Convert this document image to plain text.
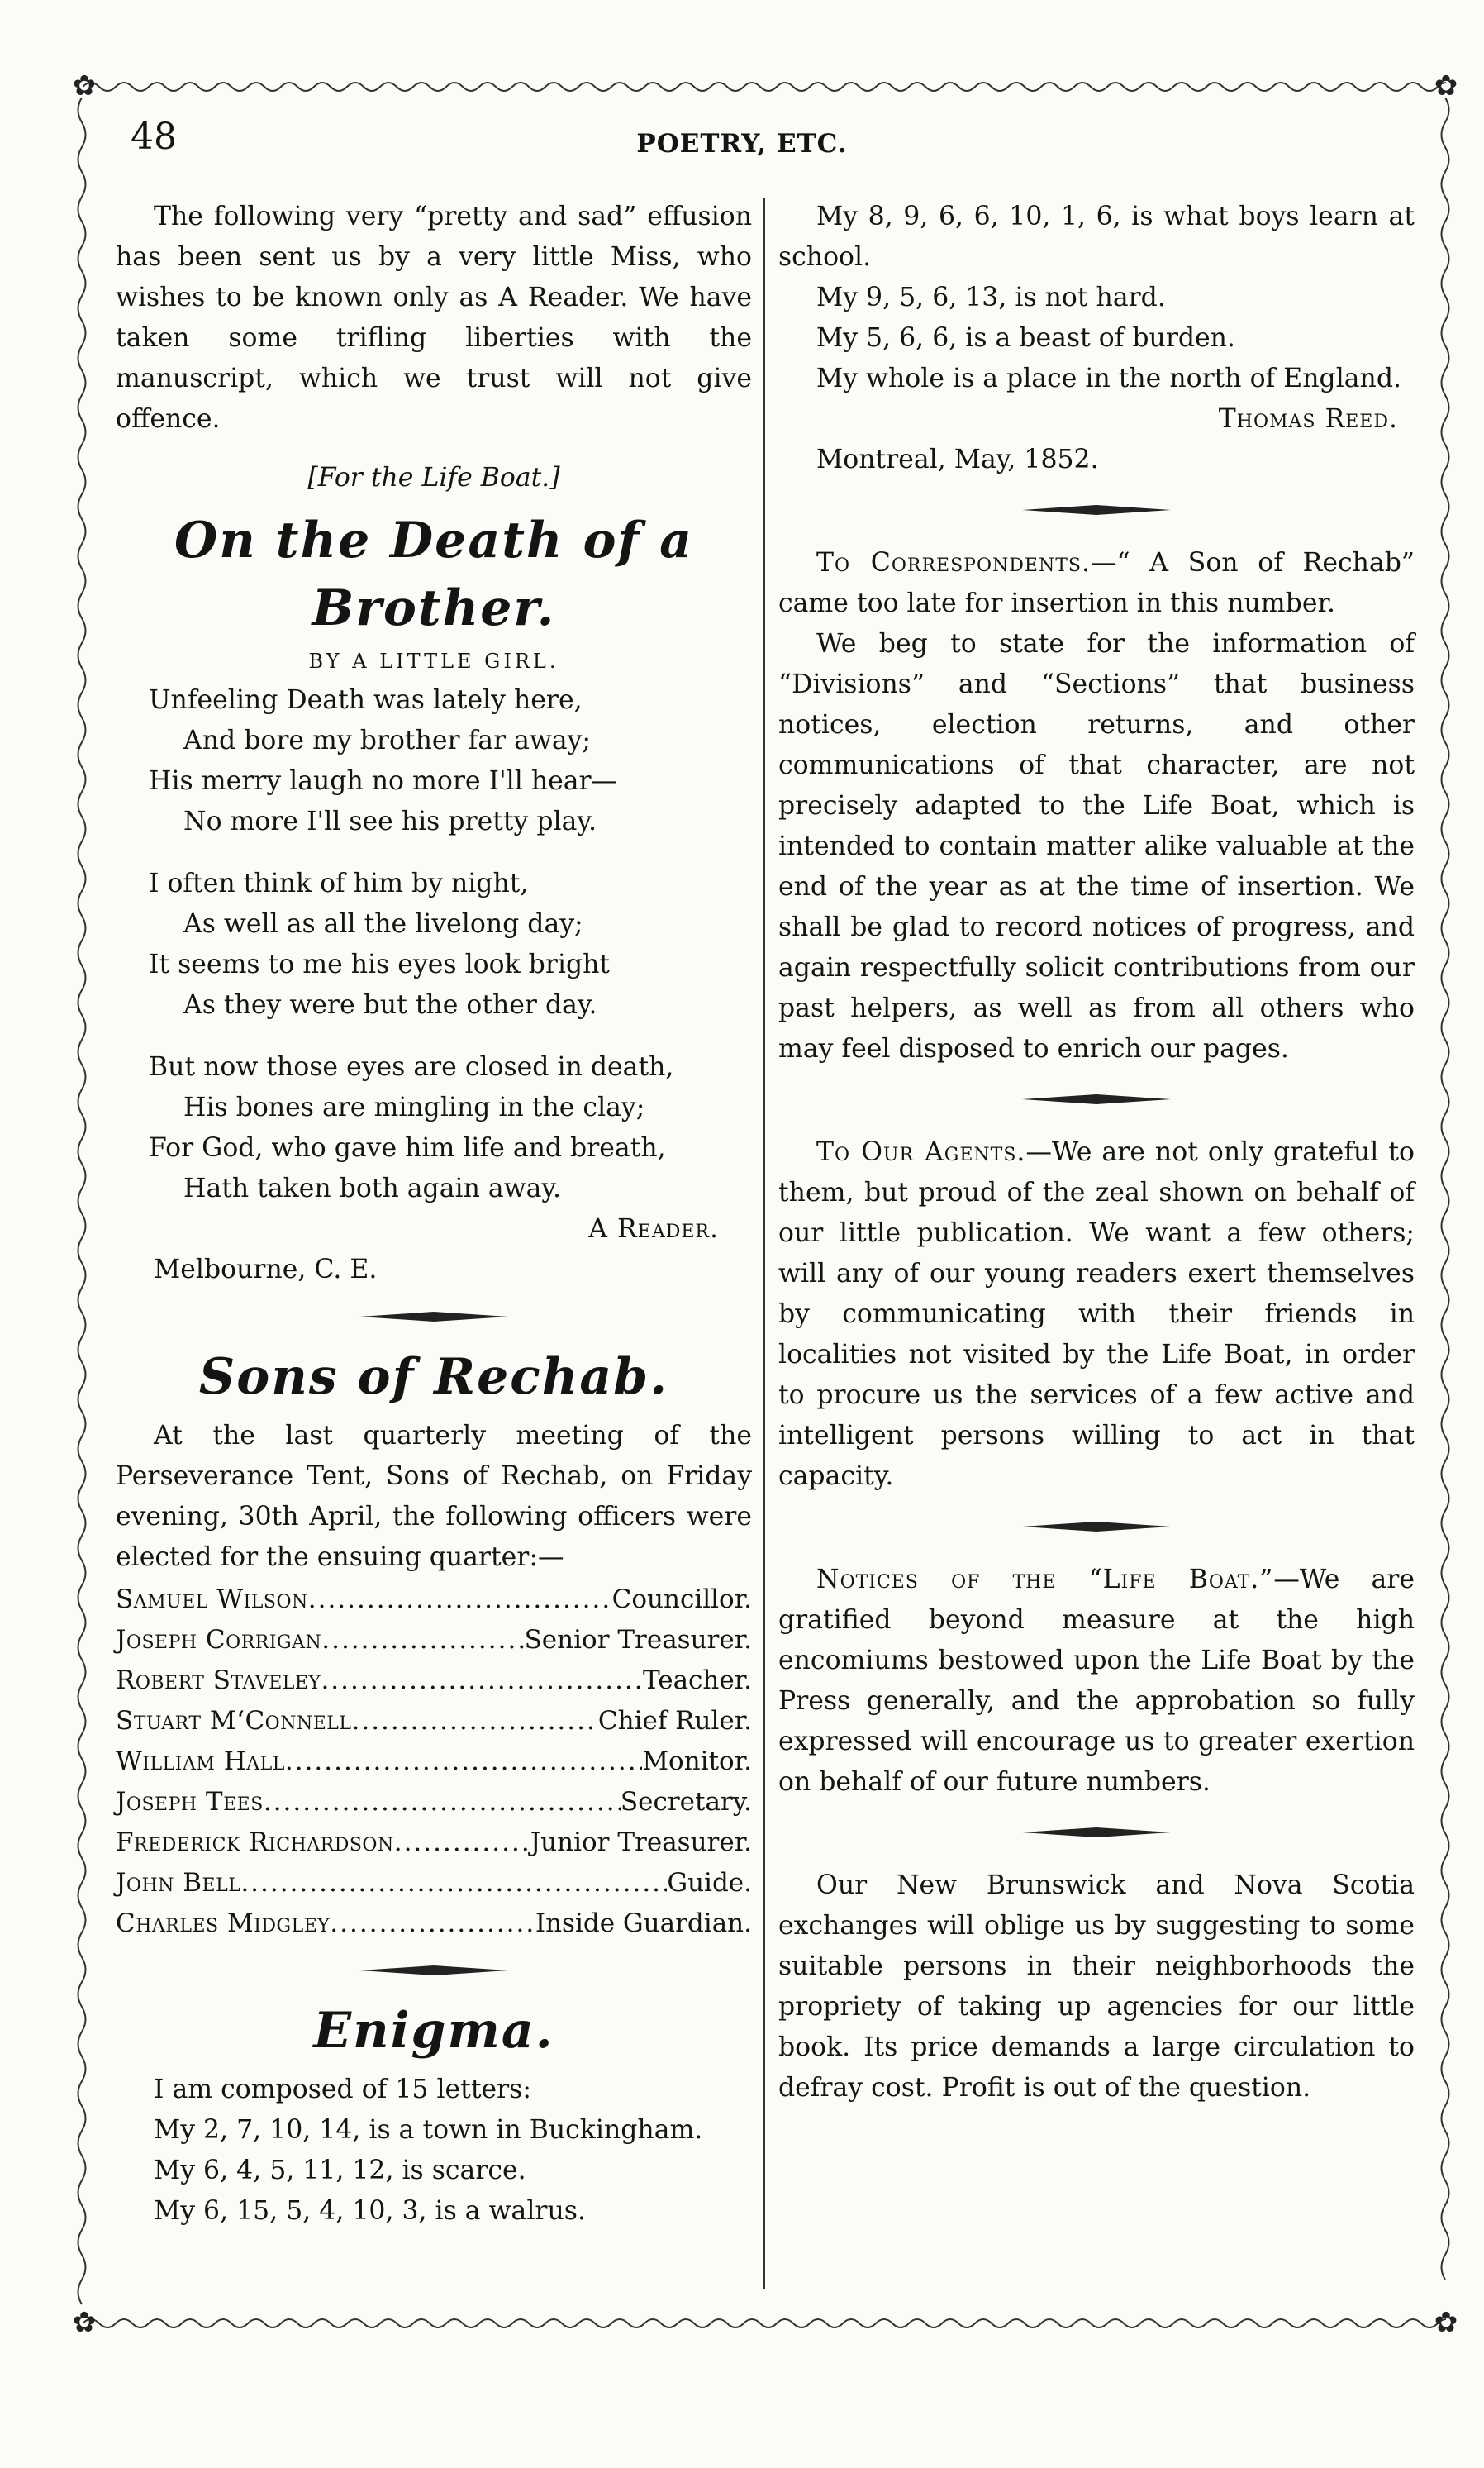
✿	✿
✿	✿
48	POETRY, ETC.

The following very “pretty and sad” effusion has been sent us by a very little Miss, who wishes to be known only as A Reader. We have taken some trifling liberties with the manuscript, which we trust will not give offence.

[For the Life Boat.]

On the Death of a Brother.
BY A LITTLE GIRL.
Unfeeling Death was lately here,
And bore my brother far away;
His merry laugh no more I'll hear—
No more I'll see his pretty play.
I often think of him by night,
As well as all the livelong day;
It seems to me his eyes look bright
As they were but the other day.
But now those eyes are closed in death,
His bones are mingling in the clay;
For God, who gave him life and breath,
Hath taken both again away.

A Reader.

Melbourne, C. E.

Sons of Rechab.

At the last quarterly meeting of the Perseverance Tent, Sons of Rechab, on Friday evening, 30th April, the following officers were elected for the ensuing quarter:—

Samuel Wilson .....	Councillor.
Joseph Corrigan .....	Senior Treasurer.
Robert Staveley .....	Teacher.
Stuart M‘Connell .....	Chief Ruler.
William Hall .....	Monitor.
Joseph Tees .....	Secretary.
Frederick Richardson .....	Junior Treasurer.
John Bell .....	Guide.
Charles Midgley .....	Inside Guardian.
Enigma.

I am composed of 15 letters:

My 2, 7, 10, 14, is a town in Buckingham.

My 6, 4, 5, 11, 12, is scarce.

My 6, 15, 5, 4, 10, 3, is a walrus.

My 8, 9, 6, 6, 10, 1, 6, is what boys learn at school.

My 9, 5, 6, 13, is not hard.

My 5, 6, 6, is a beast of burden.

My whole is a place in the north of England.

Thomas Reed.

Montreal, May, 1852.

To Correspondents.—“ A Son of Rechab” came too late for insertion in this number.

We beg to state for the information of “Divisions” and “Sections” that business notices, election returns, and other communications of that character, are not precisely adapted to the Life Boat, which is intended to contain matter alike valuable at the end of the year as at the time of insertion. We shall be glad to record notices of progress, and again respectfully solicit contributions from our past helpers, as well as from all others who may feel disposed to enrich our pages.

To Our Agents.—We are not only grateful to them, but proud of the zeal shown on behalf of our little publication. We want a few others; will any of our young readers exert themselves by communicating with their friends in localities not visited by the Life Boat, in order to procure us the services of a few active and intelligent persons willing to act in that capacity.

Notices of the “Life Boat.”—We are gratified beyond measure at the high encomiums bestowed upon the Life Boat by the Press generally, and the approbation so fully expressed will encourage us to greater exertion on behalf of our future numbers.

Our New Brunswick and Nova Scotia exchanges will oblige us by suggesting to some suitable persons in their neighborhoods the propriety of taking up agencies for our little book. Its price demands a large circulation to defray cost. Profit is out of the question.
